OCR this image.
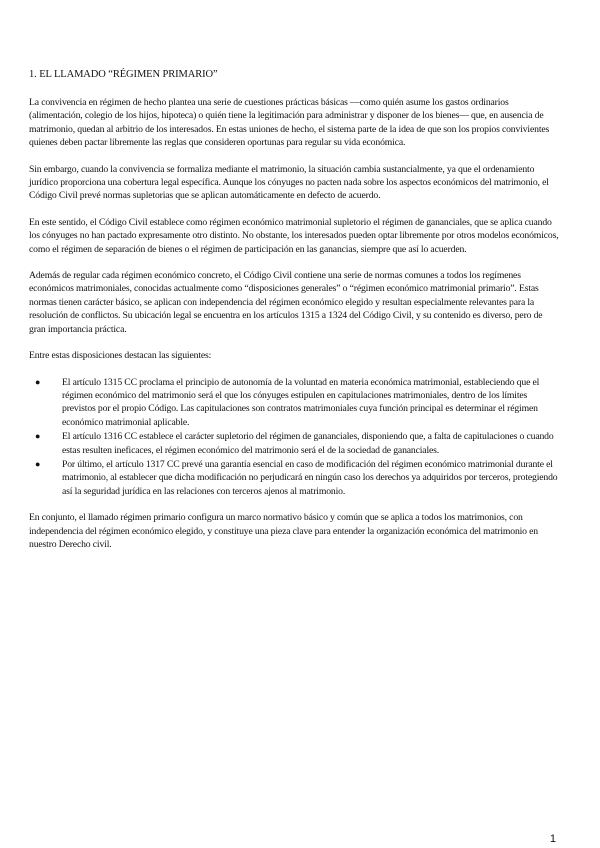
1. EL LLAMADO “RÉGIMEN PRIMARIO”

La convivencia en régimen de hecho plantea una serie de cuestiones prácticas básicas —como quién asume los gastos ordinarios (alimentación, colegio de los hijos, hipoteca) o quién tiene la legitimación para administrar y disponer de los bienes— que, en ausencia de matrimonio, quedan al arbitrio de los interesados. En estas uniones de hecho, el sistema parte de la idea de que son los propios convivientes quienes deben pactar libremente las reglas que consideren oportunas para regular su vida económica.

Sin embargo, cuando la convivencia se formaliza mediante el matrimonio, la situación cambia sustancialmente, ya que el ordenamiento jurídico proporciona una cobertura legal específica. Aunque los cónyuges no pacten nada sobre los aspectos económicos del matrimonio, el Código Civil prevé normas supletorias que se aplican automáticamente en defecto de acuerdo.

En este sentido, el Código Civil establece como régimen económico matrimonial supletorio el régimen de gananciales, que se aplica cuando los cónyuges no han pactado expresamente otro distinto. No obstante, los interesados pueden optar libremente por otros modelos económicos, como el régimen de separación de bienes o el régimen de participación en las ganancias, siempre que así lo acuerden.

Además de regular cada régimen económico concreto, el Código Civil contiene una serie de normas comunes a todos los regímenes económicos matrimoniales, conocidas actualmente como “disposiciones generales” o “régimen económico matrimonial primario”. Estas normas tienen carácter básico, se aplican con independencia del régimen económico elegido y resultan especialmente relevantes para la resolución de conflictos. Su ubicación legal se encuentra en los artículos 1315 a 1324 del Código Civil, y su contenido es diverso, pero de gran importancia práctica.

Entre estas disposiciones destacan las siguientes:

● El artículo 1315 CC proclama el principio de autonomía de la voluntad en materia económica matrimonial, estableciendo que el régimen económico del matrimonio será el que los cónyuges estipulen en capitulaciones matrimoniales, dentro de los límites previstos por el propio Código. Las capitulaciones son contratos matrimoniales cuya función principal es determinar el régimen económico matrimonial aplicable.
● El artículo 1316 CC establece el carácter supletorio del régimen de gananciales, disponiendo que, a falta de capitulaciones o cuando estas resulten ineficaces, el régimen económico del matrimonio será el de la sociedad de gananciales.
● Por último, el artículo 1317 CC prevé una garantía esencial en caso de modificación del régimen económico matrimonial durante el matrimonio, al establecer que dicha modificación no perjudicará en ningún caso los derechos ya adquiridos por terceros, protegiendo así la seguridad jurídica en las relaciones con terceros ajenos al matrimonio.

En conjunto, el llamado régimen primario configura un marco normativo básico y común que se aplica a todos los matrimonios, con independencia del régimen económico elegido, y constituye una pieza clave para entender la organización económica del matrimonio en nuestro Derecho civil.

1
